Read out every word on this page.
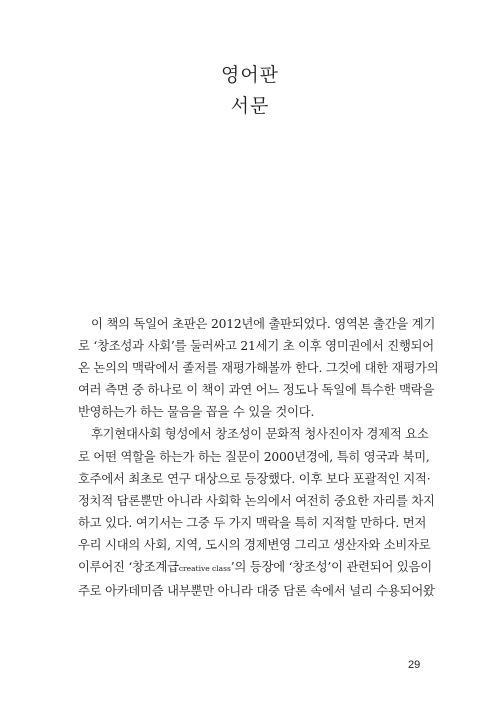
영어판
서문
이 책의 독일어 초판은 2012년에 출판되었다. 영역본 출간을 계기
로 ‘창조성과 사회’를 둘러싸고 21세기 초 이후 영미권에서 진행되어
온 논의의 맥락에서 졸저를 재평가해볼까 한다. 그것에 대한 재평가의
여러 측면 중 하나로 이 책이 과연 어느 정도나 독일에 특수한 맥락을
반영하는가 하는 물음을 꼽을 수 있을 것이다.
후기현대사회 형성에서 창조성이 문화적 청사진이자 경제적 요소
로 어떤 역할을 하는가 하는 질문이 2000년경에, 특히 영국과 북미,
호주에서 최초로 연구 대상으로 등장했다. 이후 보다 포괄적인 지적·
정치적 담론뿐만 아니라 사회학 논의에서 여전히 중요한 자리를 차지
하고 있다. 여기서는 그중 두 가지 맥락을 특히 지적할 만하다. 먼저
우리 시대의 사회, 지역, 도시의 경제변영 그리고 생산자와 소비자로
이루어진 ‘창조계급creative class’의 등장에 ‘창조성’이 관련되어 있음이
주로 아카데미즘 내부뿐만 아니라 대중 담론 속에서 널리 수용되어왔
29
